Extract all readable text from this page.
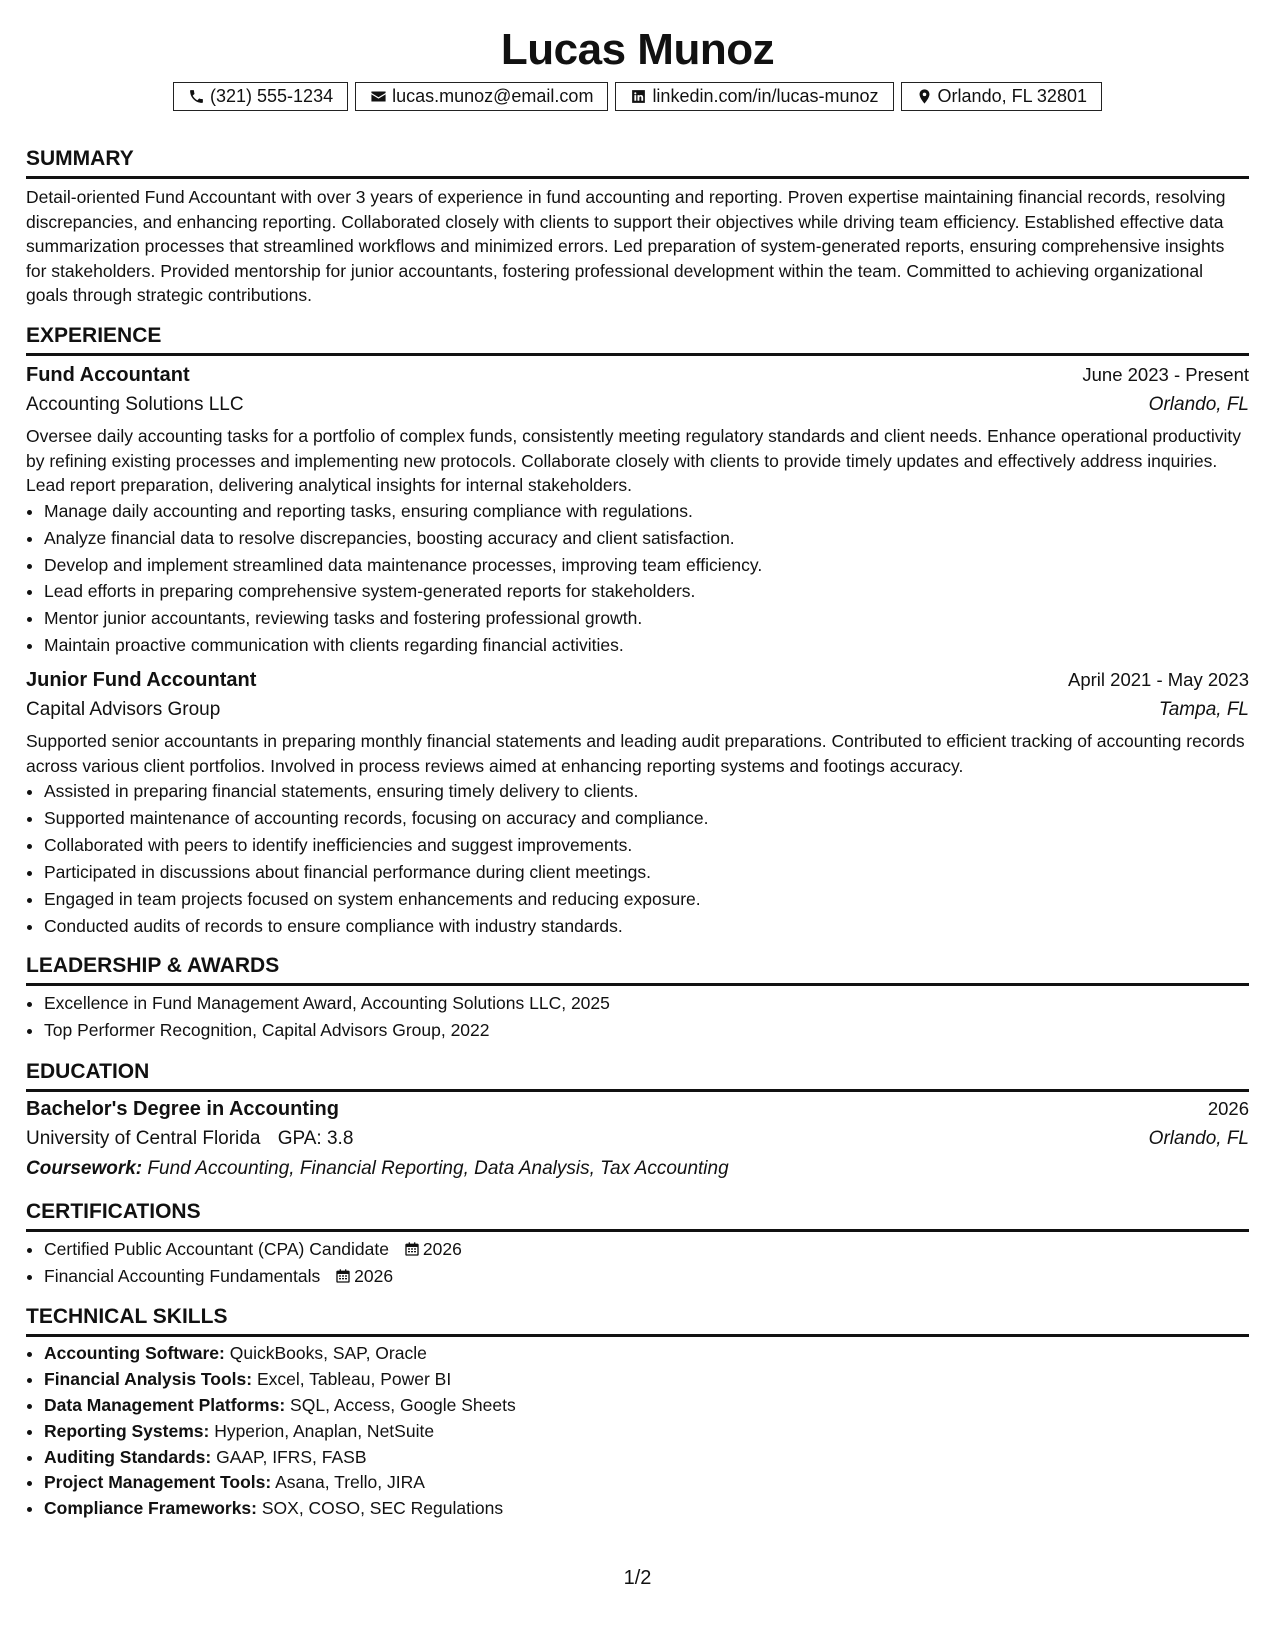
Lucas Munoz
(321) 555-1234	lucas.munoz@email.com	linkedin.com/in/lucas-munoz	Orlando, FL 32801
SUMMARY

Detail-oriented Fund Accountant with over 3 years of experience in fund accounting and reporting. Proven expertise maintaining financial records, resolving discrepancies, and enhancing reporting. Collaborated closely with clients to support their objectives while driving team efficiency. Established effective data summarization processes that streamlined workflows and minimized errors. Led preparation of system-generated reports, ensuring comprehensive insights for stakeholders. Provided mentorship for junior accountants, fostering professional development within the team. Committed to achieving organizational goals through strategic contributions.

EXPERIENCE
Fund Accountant	June 2023 - Present
Accounting Solutions LLC	Orlando, FL

Oversee daily accounting tasks for a portfolio of complex funds, consistently meeting regulatory standards and client needs. Enhance operational productivity by refining existing processes and implementing new protocols. Collaborate closely with clients to provide timely updates and effectively address inquiries. Lead report preparation, delivering analytical insights for internal stakeholders.

• Manage daily accounting and reporting tasks, ensuring compliance with regulations.
• Analyze financial data to resolve discrepancies, boosting accuracy and client satisfaction.
• Develop and implement streamlined data maintenance processes, improving team efficiency.
• Lead efforts in preparing comprehensive system-generated reports for stakeholders.
• Mentor junior accountants, reviewing tasks and fostering professional growth.
• Maintain proactive communication with clients regarding financial activities.
Junior Fund Accountant	April 2021 - May 2023
Capital Advisors Group	Tampa, FL

Supported senior accountants in preparing monthly financial statements and leading audit preparations. Contributed to efficient tracking of accounting records across various client portfolios. Involved in process reviews aimed at enhancing reporting systems and footings accuracy.

• Assisted in preparing financial statements, ensuring timely delivery to clients.
• Supported maintenance of accounting records, focusing on accuracy and compliance.
• Collaborated with peers to identify inefficiencies and suggest improvements.
• Participated in discussions about financial performance during client meetings.
• Engaged in team projects focused on system enhancements and reducing exposure.
• Conducted audits of records to ensure compliance with industry standards.
LEADERSHIP & AWARDS
• Excellence in Fund Management Award, Accounting Solutions LLC, 2025
• Top Performer Recognition, Capital Advisors Group, 2022
EDUCATION
Bachelor's Degree in Accounting	2026
University of Central Florida GPA: 3.8	Orlando, FL
Coursework: Fund Accounting, Financial Reporting, Data Analysis, Tax Accounting
CERTIFICATIONS
• Certified Public Accountant (CPA) Candidate 2026
• Financial Accounting Fundamentals 2026
TECHNICAL SKILLS
• Accounting Software: QuickBooks, SAP, Oracle
• Financial Analysis Tools: Excel, Tableau, Power BI
• Data Management Platforms: SQL, Access, Google Sheets
• Reporting Systems: Hyperion, Anaplan, NetSuite
• Auditing Standards: GAAP, IFRS, FASB
• Project Management Tools: Asana, Trello, JIRA
• Compliance Frameworks: SOX, COSO, SEC Regulations
1/2
